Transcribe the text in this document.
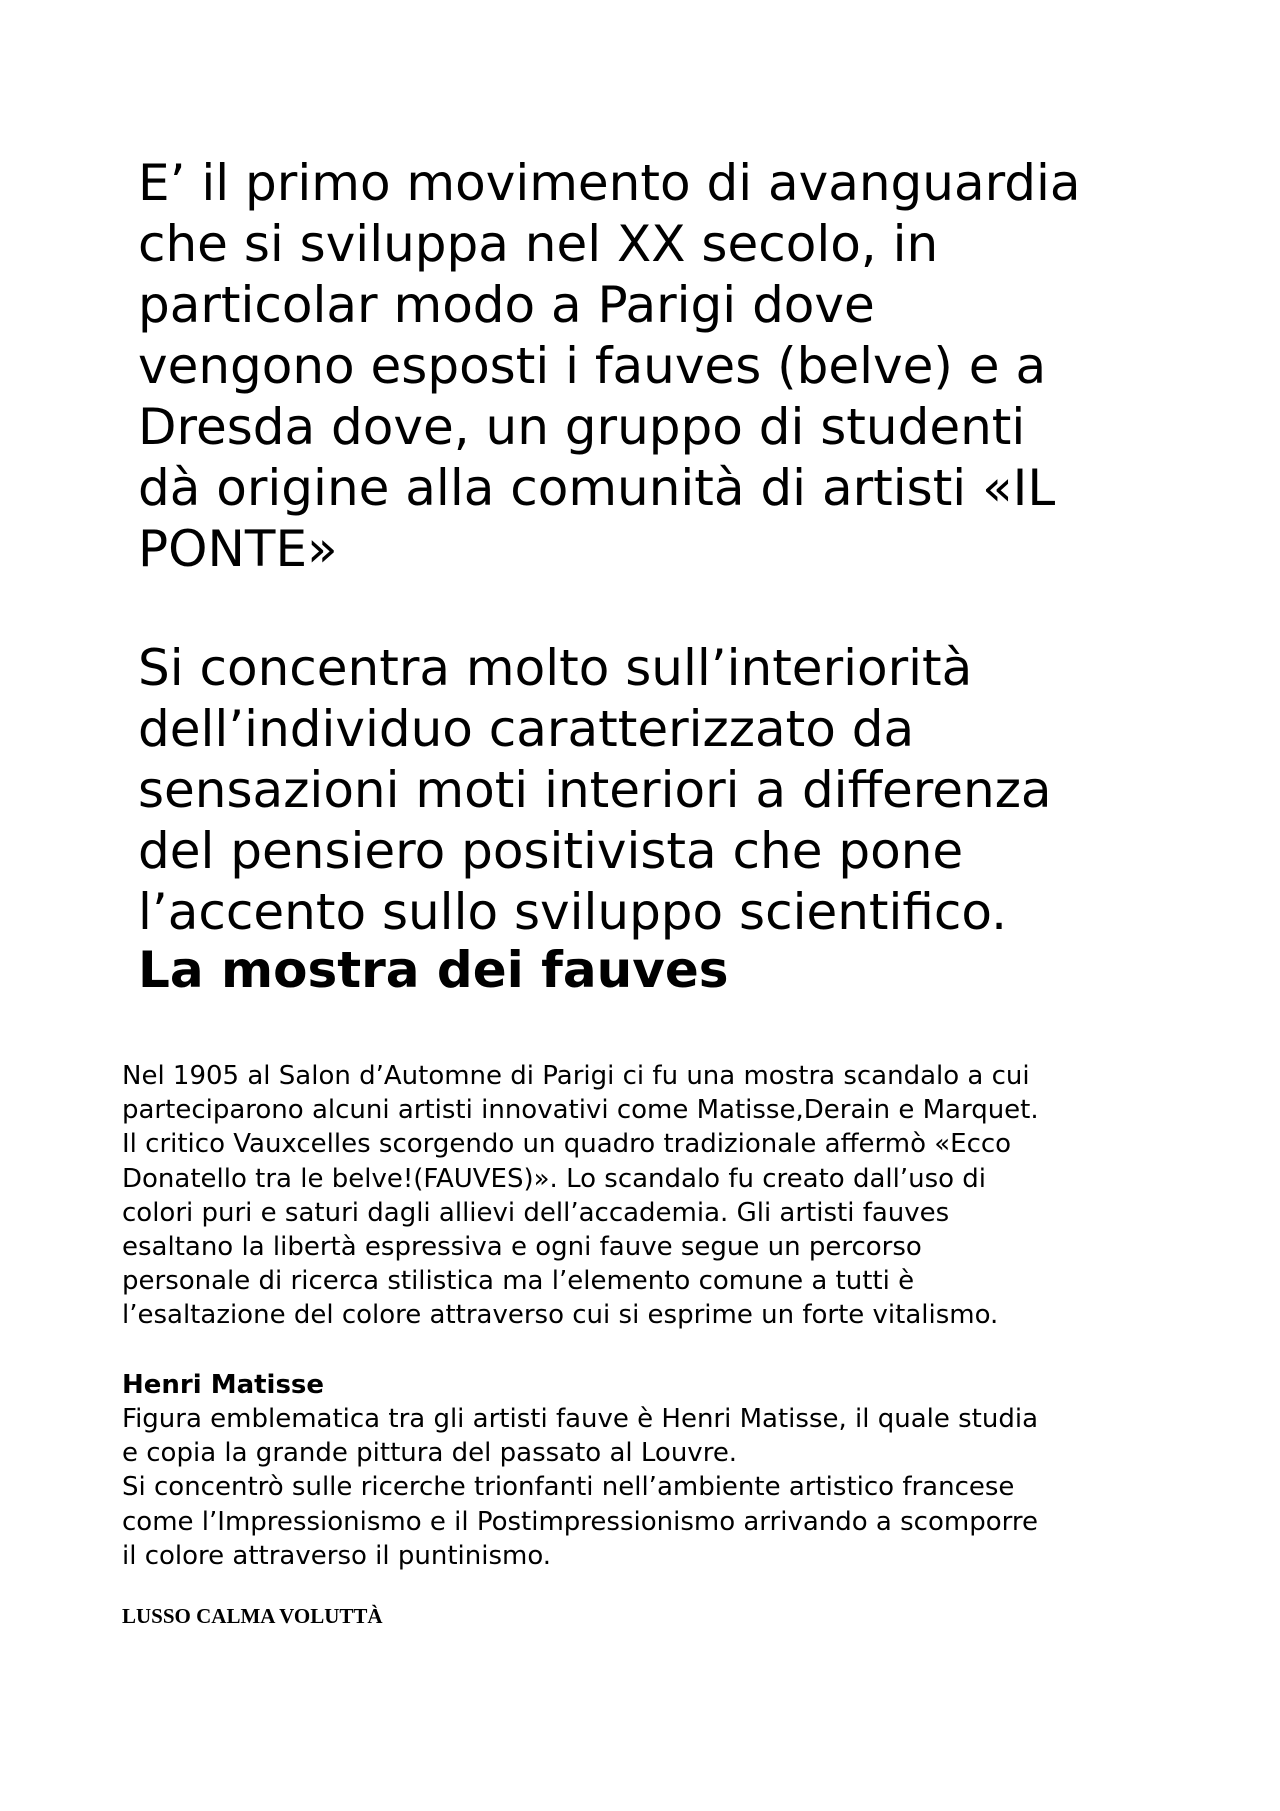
E’ il primo movimento di avanguardia
che si sviluppa nel XX secolo, in
particolar modo a Parigi dove
vengono esposti i fauves (belve) e a
Dresda dove, un gruppo di studenti
dà origine alla comunità di artisti «IL
PONTE»

Si concentra molto sull’interiorità
dell’individuo caratterizzato da
sensazioni moti interiori a differenza
del pensiero positivista che pone
l’accento sullo sviluppo scientifico.

La mostra dei fauves

Nel 1905 al Salon d’Automne di Parigi ci fu una mostra scandalo a cui
parteciparono alcuni artisti innovativi come Matisse,Derain e Marquet.
Il critico Vauxcelles scorgendo un quadro tradizionale affermò «Ecco
Donatello tra le belve!(FAUVES)». Lo scandalo fu creato dall’uso di
colori puri e saturi dagli allievi dell’accademia. Gli artisti fauves
esaltano la libertà espressiva e ogni fauve segue un percorso
personale di ricerca stilistica ma l’elemento comune a tutti è
l’esaltazione del colore attraverso cui si esprime un forte vitalismo.

Henri Matisse

Figura emblematica tra gli artisti fauve è Henri Matisse, il quale studia
e copia la grande pittura del passato al Louvre.
Si concentrò sulle ricerche trionfanti nell’ambiente artistico francese
come l’Impressionismo e il Postimpressionismo arrivando a scomporre
il colore attraverso il puntinismo.

LUSSO CALMA VOLUTTÀ
